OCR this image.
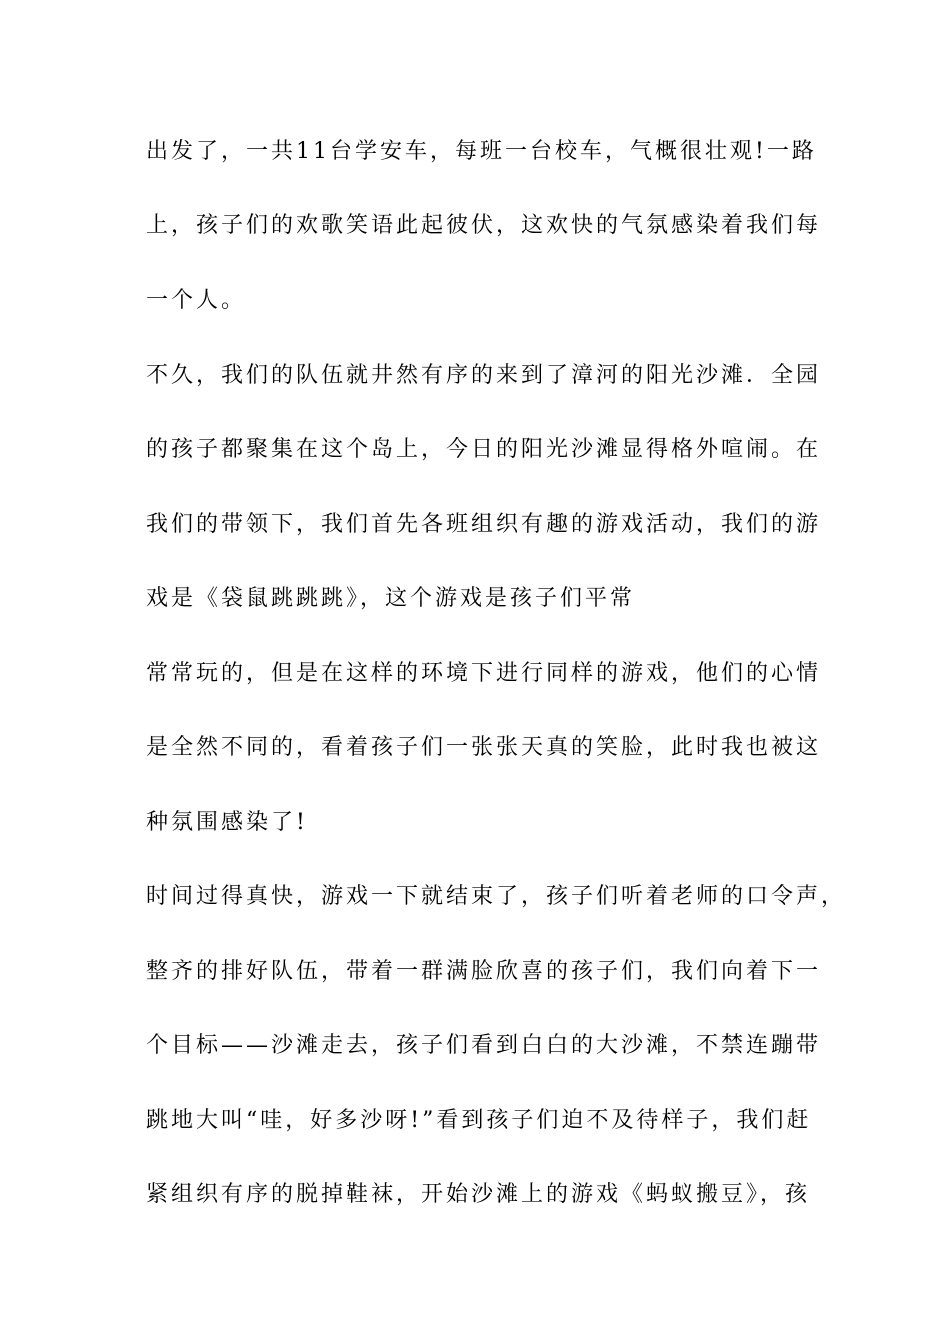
出发了，一共11台学安车，每班一台校车，气概很壮观!一路
上，孩子们的欢歌笑语此起彼伏，这欢快的气氛感染着我们每
一个人。
不久，我们的队伍就井然有序的来到了漳河的阳光沙滩．全园
的孩子都聚集在这个岛上，今日的阳光沙滩显得格外喧闹。在
我们的带领下，我们首先各班组织有趣的游戏活动，我们的游
戏是《袋鼠跳跳跳》，这个游戏是孩子们平常
常常玩的，但是在这样的环境下进行同样的游戏，他们的心情
是全然不同的，看着孩子们一张张天真的笑脸，此时我也被这
种氛围感染了!
时间过得真快，游戏一下就结束了，孩子们听着老师的口令声，
整齐的排好队伍，带着一群满脸欣喜的孩子们，我们向着下一
个目标——沙滩走去，孩子们看到白白的大沙滩，不禁连蹦带
跳地大叫“哇，好多沙呀!”看到孩子们迫不及待样子，我们赶
紧组织有序的脱掉鞋袜，开始沙滩上的游戏《蚂蚁搬豆》，孩
